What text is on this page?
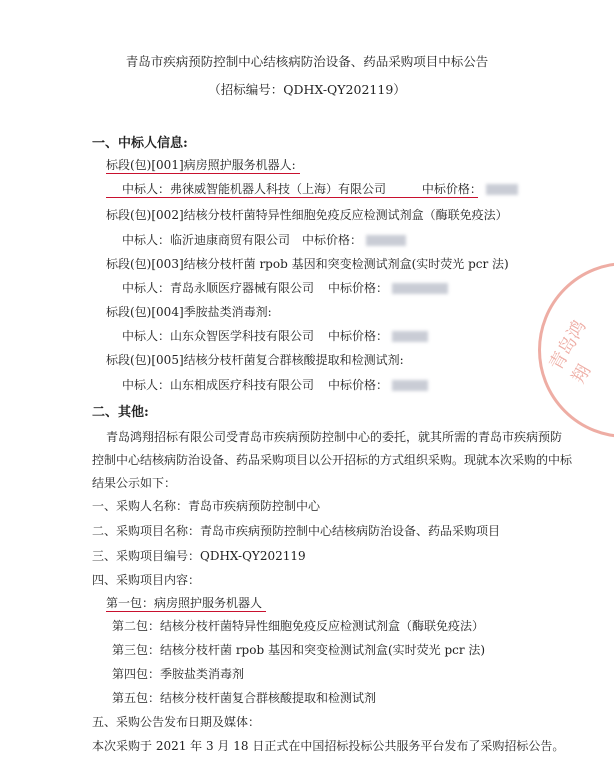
青岛市疾病预防控制中心结核病防治设备、药品采购项目中标公告
（招标编号：QDHX-QY202119）
一、中标人信息:
标段(包)[001]病房照护服务机器人:
中标人：弗徕威智能机器人科技（上海）有限公司	中标价格：
标段(包)[002]结核分枝杆菌特异性细胞免疫反应检测试剂盒（酶联免疫法）
中标人：临沂迪康商贸有限公司 中标价格：
标段(包)[003]结核分枝杆菌 rpob 基因和突变检测试剂盒(实时荧光 pcr 法)
中标人：青岛永顺医疗器械有限公司 中标价格：
标段(包)[004]季胺盐类消毒剂:
中标人：山东众智医学科技有限公司 中标价格：
标段(包)[005]结核分枝杆菌复合群核酸提取和检测试剂:
中标人：山东相成医疗科技有限公司 中标价格：
二、其他:
青岛鸿翔招标有限公司受青岛市疾病预防控制中心的委托，就其所需的青岛市疾病预防
控制中心结核病防治设备、药品采购项目以公开招标的方式组织采购。现就本次采购的中标
结果公示如下：
一、采购人名称：青岛市疾病预防控制中心
二、采购项目名称：青岛市疾病预防控制中心结核病防治设备、药品采购项目
三、采购项目编号：QDHX-QY202119
四、采购项目内容：
第一包：病房照护服务机器人
第二包：结核分枝杆菌特异性细胞免疫反应检测试剂盒（酶联免疫法）
第三包：结核分枝杆菌 rpob 基因和突变检测试剂盒(实时荧光 pcr 法)
第四包：季胺盐类消毒剂
第五包：结核分枝杆菌复合群核酸提取和检测试剂
五、采购公告发布日期及媒体：
本次采购于 2021 年 3 月 18 日正式在中国招标投标公共服务平台发布了采购招标公告。
青岛鸿翔
